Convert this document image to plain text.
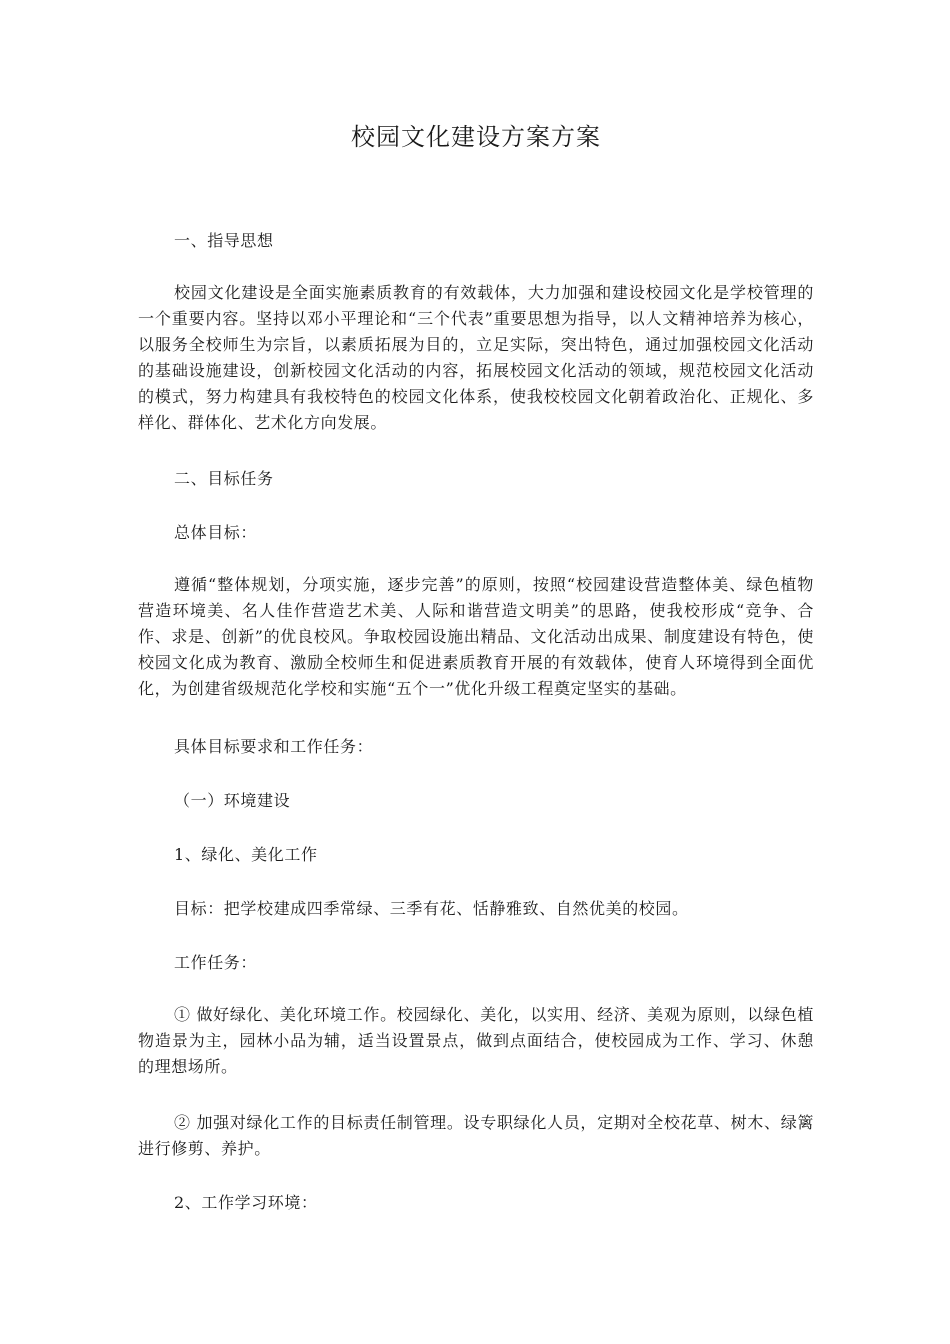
校园文化建设方案方案

一、指导思想

校园文化建设是全面实施素质教育的有效载体，大力加强和建设校园文化是学校管理的一个重要内容。坚持以邓小平理论和“三个代表”重要思想为指导，以人文精神培养为核心，以服务全校师生为宗旨，以素质拓展为目的，立足实际，突出特色，通过加强校园文化活动的基础设施建设，创新校园文化活动的内容，拓展校园文化活动的领域，规范校园文化活动的模式，努力构建具有我校特色的校园文化体系，使我校校园文化朝着政治化、正规化、多样化、群体化、艺术化方向发展。

二、目标任务

总体目标：

遵循“整体规划，分项实施，逐步完善”的原则，按照“校园建设营造整体美、绿色植物营造环境美、名人佳作营造艺术美、人际和谐营造文明美”的思路，使我校形成“竞争、合作、求是、创新”的优良校风。争取校园设施出精品、文化活动出成果、制度建设有特色，使校园文化成为教育、激励全校师生和促进素质教育开展的有效载体，使育人环境得到全面优化，为创建省级规范化学校和实施“五个一”优化升级工程奠定坚实的基础。

具体目标要求和工作任务：

（一）环境建设

1、绿化、美化工作

目标：把学校建成四季常绿、三季有花、恬静雅致、自然优美的校园。

工作任务：

① 做好绿化、美化环境工作。校园绿化、美化，以实用、经济、美观为原则，以绿色植物造景为主，园林小品为辅，适当设置景点，做到点面结合，使校园成为工作、学习、休憩的理想场所。

② 加强对绿化工作的目标责任制管理。设专职绿化人员，定期对全校花草、树木、绿篱进行修剪、养护。

2、工作学习环境：
